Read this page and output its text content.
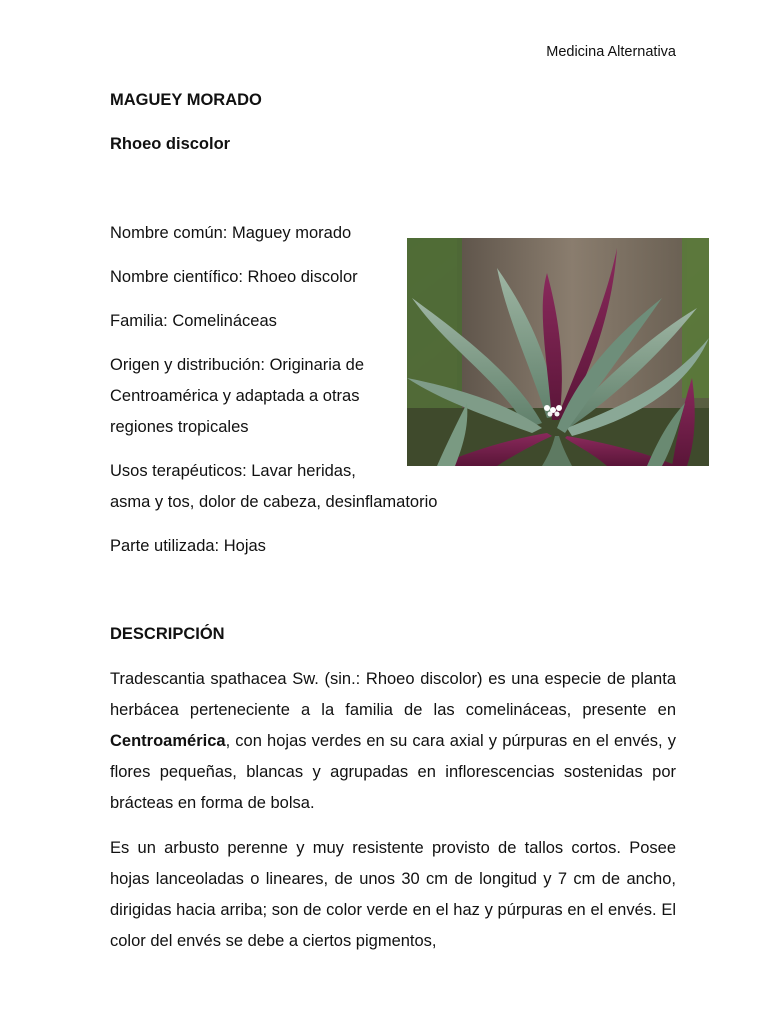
Medicina Alternativa
MAGUEY MORADO
Rhoeo discolor

Nombre común: Maguey morado

Nombre científico: Rhoeo discolor

Familia: Comelináceas

Origen y distribución: Originaria de
Centroamérica y adaptada a otras
regiones tropicales

Usos terapéuticos: Lavar heridas,
asma y tos, dolor de cabeza, desinflamatorio

Parte utilizada: Hojas

DESCRIPCIÓN

Tradescantia spathacea Sw. (sin.: Rhoeo discolor) es una especie de planta herbácea perteneciente a la familia de las comelináceas, presente en Centroamérica, con hojas verdes en su cara axial y púrpuras en el envés, y flores pequeñas, blancas y agrupadas en inflorescencias sostenidas por brácteas en forma de bolsa.

Es un arbusto perenne y muy resistente provisto de tallos cortos. Posee hojas lanceoladas o lineares, de unos 30 cm de longitud y 7 cm de ancho, dirigidas hacia arriba; son de color verde en el haz y púrpuras en el envés. El color del envés se debe a ciertos pigmentos,
